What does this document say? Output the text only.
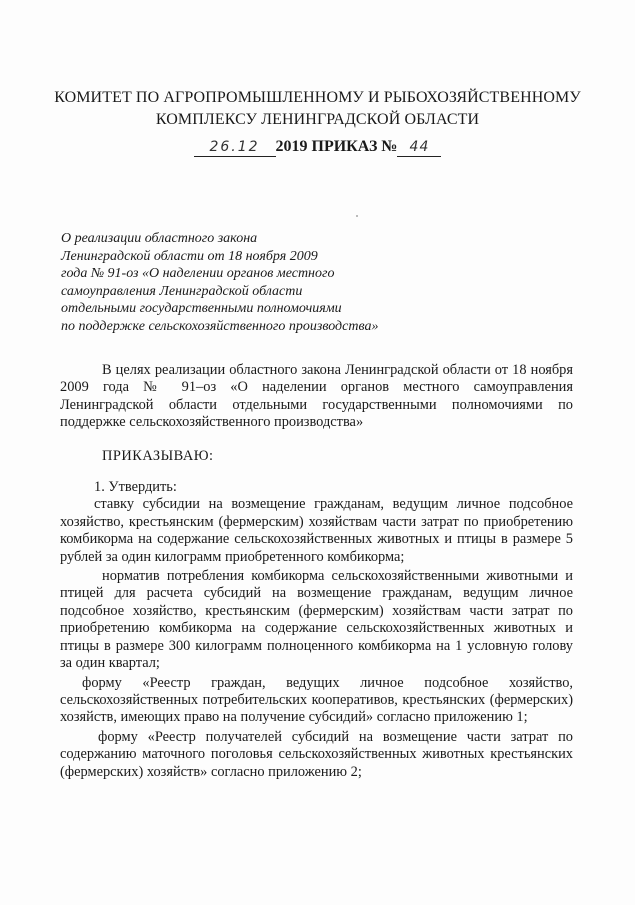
КОМИТЕТ ПО АГРОПРОМЫШЛЕННОМУ И РЫБОХОЗЯЙСТВЕННОМУ
КОМПЛЕКСУ ЛЕНИНГРАДСКОЙ ОБЛАСТИ
26.12 2019 ПРИКАЗ № 44
О реализации областного закона
Ленинградской области от 18 ноября 2009
года № 91-оз «О наделении органов местного
самоуправления Ленинградской области
отдельными государственными полномочиями
по поддержке сельскохозяйственного производства»
В целях реализации областного закона Ленинградской области от 18 ноября 2009 года № 91–оз «О наделении органов местного самоуправления Ленинградской области отдельными государственными полномочиями по поддержке сельскохозяйственного производства»
ПРИКАЗЫВАЮ:
1. Утвердить:
ставку субсидии на возмещение гражданам, ведущим личное подсобное хозяйство, крестьянским (фермерским) хозяйствам части затрат по приобретению комбикорма на содержание сельскохозяйственных животных и птицы в размере 5 рублей за один килограмм приобретенного комбикорма;
норматив потребления комбикорма сельскохозяйственными животными и птицей для расчета субсидий на возмещение гражданам, ведущим личное подсобное хозяйство, крестьянским (фермерским) хозяйствам части затрат по приобретению комбикорма на содержание сельскохозяйственных животных и птицы в размере 300 килограмм полноценного комбикорма на 1 условную голову за один квартал;
форму «Реестр граждан, ведущих личное подсобное хозяйство, сельскохозяйственных потребительских кооперативов, крестьянских (фермерских) хозяйств, имеющих право на получение субсидий» согласно приложению 1;
форму «Реестр получателей субсидий на возмещение части затрат по содержанию маточного поголовья сельскохозяйственных животных крестьянских (фермерских) хозяйств» согласно приложению 2;
